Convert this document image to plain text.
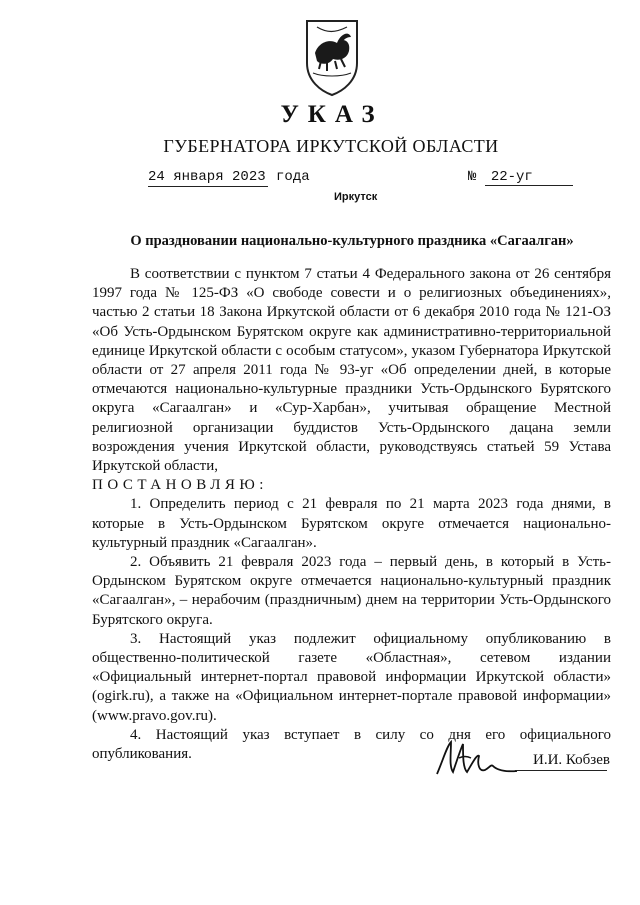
УКАЗ
ГУБЕРНАТОРА ИРКУТСКОЙ ОБЛАСТИ
24 января 2023 года	№ 22-уг
Иркутск
О праздновании национально-культурного праздника «Сагаалган»

В соответствии с пунктом 7 статьи 4 Федерального закона от 26 сентября 1997 года № 125-ФЗ «О свободе совести и о религиозных объединениях», частью 2 статьи 18 Закона Иркутской области от 6 декабря 2010 года № 121-ОЗ «Об Усть-Ордынском Бурятском округе как административно-территориальной единице Иркутской области с особым статусом», указом Губернатора Иркутской области от 27 апреля 2011 года № 93-уг «Об определении дней, в которые отмечаются национально-культурные праздники Усть-Ордынского Бурятского округа «Сагаалган» и «Сур-Харбан», учитывая обращение Местной религиозной организации буддистов Усть-Ордынского дацана земли возрождения учения Иркутской области, руководствуясь статьей 59 Устава Иркутской области,

ПОСТАНОВЛЯЮ:

1. Определить период с 21 февраля по 21 марта 2023 года днями, в которые в Усть-Ордынском Бурятском округе отмечается национально-культурный праздник «Сагаалган».

2. Объявить 21 февраля 2023 года – первый день, в который в Усть-Ордынском Бурятском округе отмечается национально-культурный праздник «Сагаалган», – нерабочим (праздничным) днем на территории Усть-Ордынского Бурятского округа.

3. Настоящий указ подлежит официальному опубликованию в общественно-политической газете «Областная», сетевом издании «Официальный интернет-портал правовой информации Иркутской области» (ogirk.ru), а также на «Официальном интернет-портале правовой информации» (www.pravo.gov.ru).

4. Настоящий указ вступает в силу со дня его официального опубликования.	И.И. Кобзев
